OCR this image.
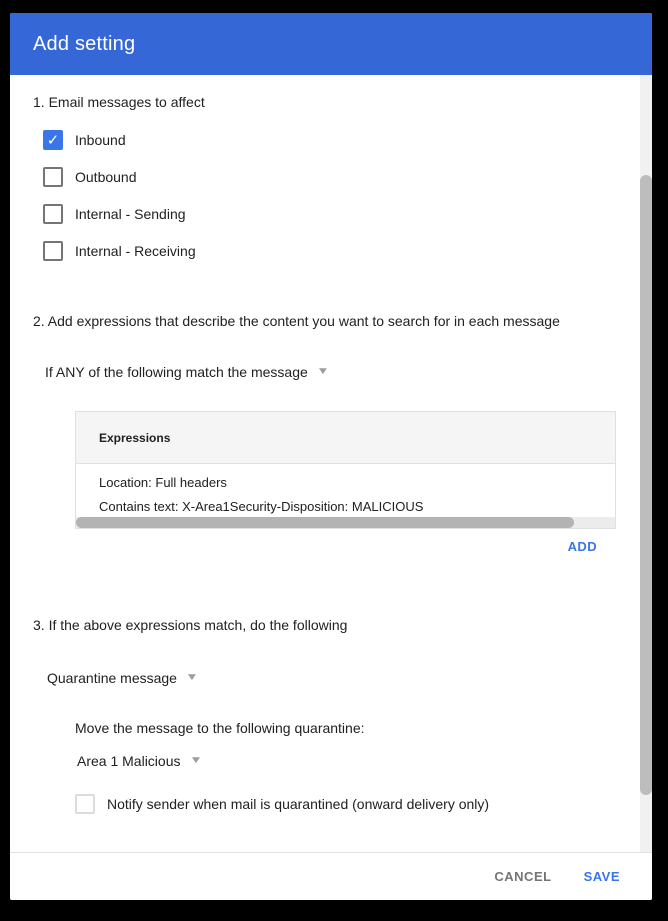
Add setting
1. Email messages to affect
✓ Inbound
Outbound
Internal - Sending
Internal - Receiving
2. Add expressions that describe the content you want to search for in each message
If ANY of the following match the message ▼
Expressions
Location: Full headers
Contains text: X-Area1Security-Disposition: MALICIOUS
ADD
3. If the above expressions match, do the following
Quarantine message ▼
Move the message to the following quarantine:
Area 1 Malicious ▼
Notify sender when mail is quarantined (onward delivery only)
CANCEL SAVE
